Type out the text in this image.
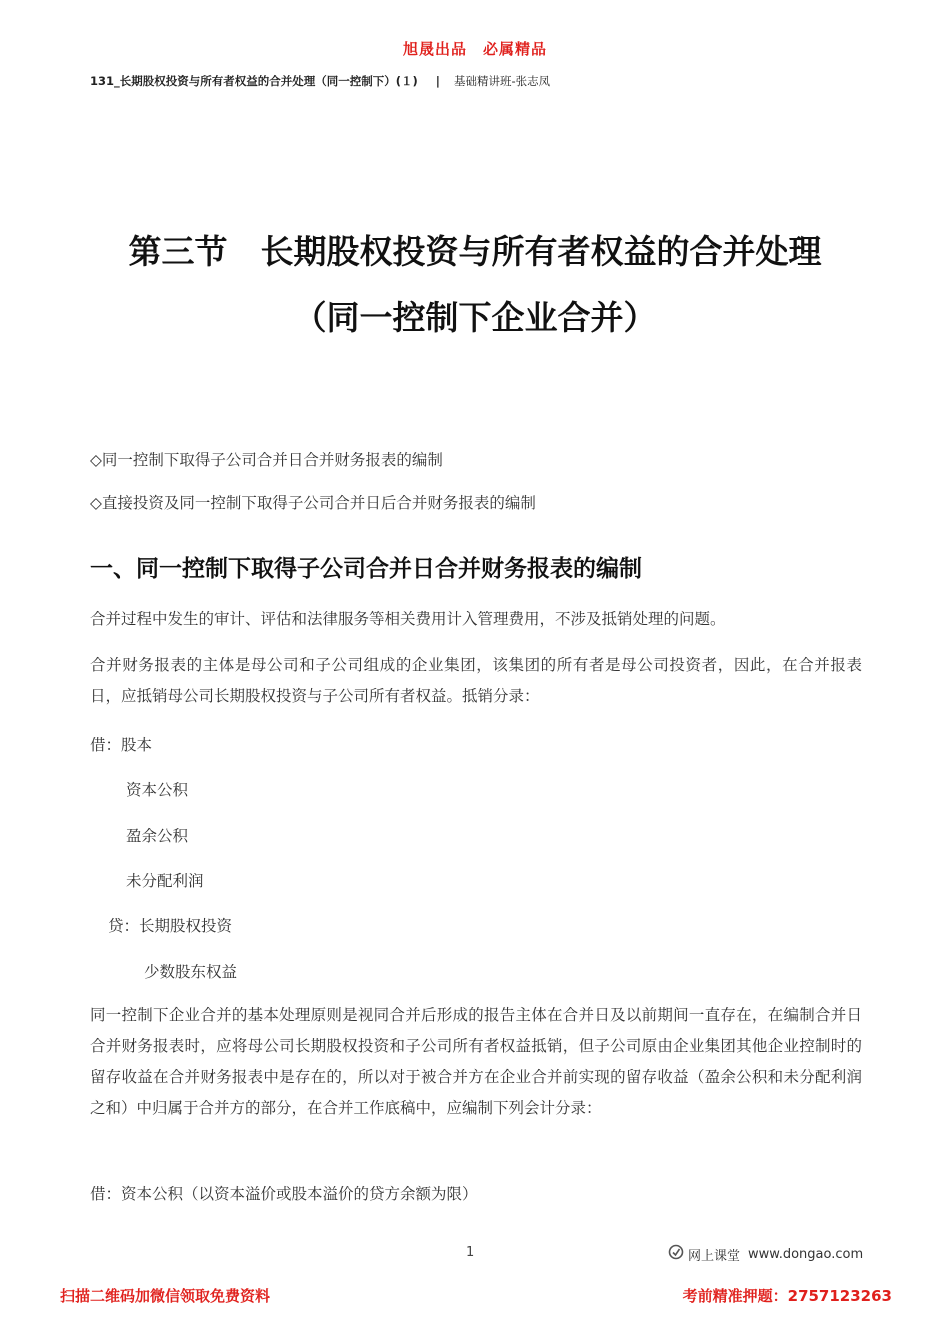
旭晟出品　必属精品
131_长期股权投资与所有者权益的合并处理（同一控制下）(１) | 基础精讲班-张志凤
第三节　长期股权投资与所有者权益的合并处理
（同一控制下企业合并）
◇同一控制下取得子公司合并日合并财务报表的编制
◇直接投资及同一控制下取得子公司合并日后合并财务报表的编制
一、同一控制下取得子公司合并日合并财务报表的编制
合并过程中发生的审计、评估和法律服务等相关费用计入管理费用，不涉及抵销处理的问题。
合并财务报表的主体是母公司和子公司组成的企业集团，该集团的所有者是母公司投资者，因此，在合并报表日，应抵销母公司长期股权投资与子公司所有者权益。抵销分录：
借：股本
资本公积
盈余公积
未分配利润
贷：长期股权投资
少数股东权益
同一控制下企业合并的基本处理原则是视同合并后形成的报告主体在合并日及以前期间一直存在，在编制合并日合并财务报表时，应将母公司长期股权投资和子公司所有者权益抵销，但子公司原由企业集团其他企业控制时的留存收益在合并财务报表中是存在的，所以对于被合并方在企业合并前实现的留存收益（盈余公积和未分配利润之和）中归属于合并方的部分，在合并工作底稿中，应编制下列会计分录：
借：资本公积（以资本溢价或股本溢价的贷方余额为限）
1	网上课堂 www.dongao.com
扫描二维码加微信领取免费资料	考前精准押题：2757123263
